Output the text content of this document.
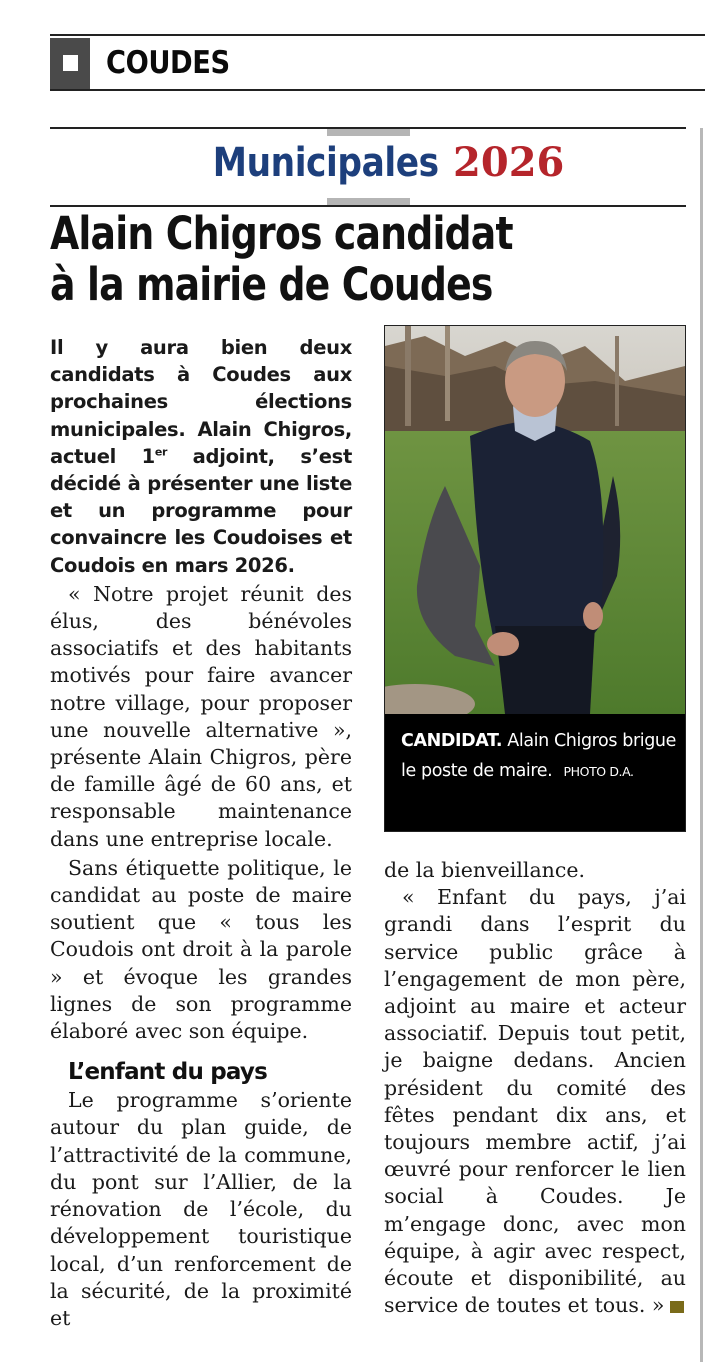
COUDES
Municipales 2026
Alain Chigros candidat
à la mairie de Coudes

Il y aura bien deux candidats à Coudes aux prochaines élections municipales. Alain Chigros, actuel 1er adjoint, s’est décidé à présenter une liste et un programme pour convaincre les Coudoises et Coudois en mars 2026.

« Notre projet réunit des élus, des bénévoles associatifs et des habitants motivés pour faire avancer notre village, pour proposer une nouvelle alternative », présente Alain Chigros, père de famille âgé de 60 ans, et responsable maintenance dans une entreprise locale.

Sans étiquette politique, le candidat au poste de maire soutient que « tous les Coudois ont droit à la parole » et évoque les grandes lignes de son programme élaboré avec son équipe.

L’enfant du pays

Le programme s’oriente autour du plan guide, de l’attractivité de la commune, du pont sur l’Allier, de la rénovation de l’école, du développement touristique local, d’un renforcement de la sécurité, de la proximité et

CANDIDAT. Alain Chigros brigue le poste de maire. PHOTO D.A.

de la bienveillance.

« Enfant du pays, j’ai grandi dans l’esprit du service public grâce à l’engagement de mon père, adjoint au maire et acteur associatif. Depuis tout petit, je baigne dedans. Ancien président du comité des fêtes pendant dix ans, et toujours membre actif, j’ai œuvré pour renforcer le lien social à Coudes. Je m’engage donc, avec mon équipe, à agir avec respect, écoute et disponibilité, au service de toutes et tous. »
